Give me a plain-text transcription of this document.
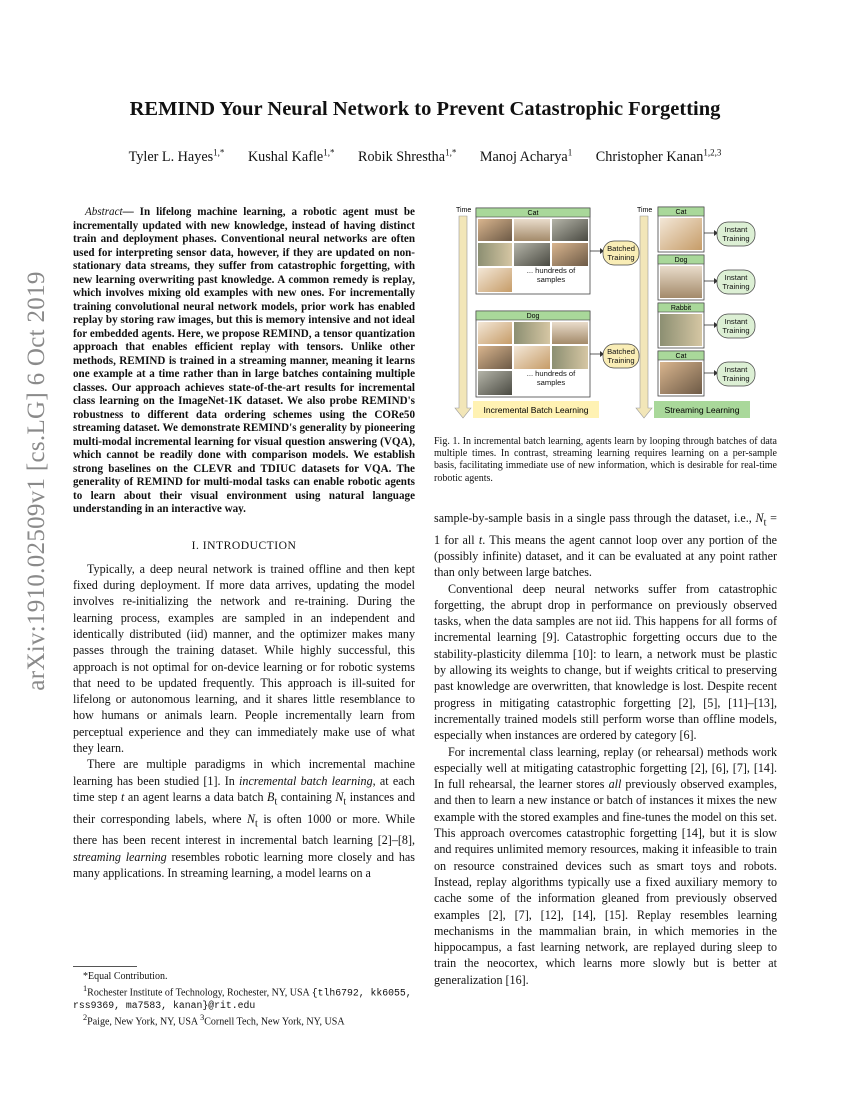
arXiv:1910.02509v1 [cs.LG] 6 Oct 2019
REMIND Your Neural Network to Prevent Catastrophic Forgetting
Tyler L. Hayes$^{1,*}$ Kushal Kafle$^{1,*}$ Robik Shrestha$^{1,*}$ Manoj Acharya$^1$ Christopher Kanan$^{1,2,3}$

Abstract— In lifelong machine learning, a robotic agent must be incrementally updated with new knowledge, instead of having distinct train and deployment phases. Conventional neural networks are often used for interpreting sensor data, however, if they are updated on non-stationary data streams, they suffer from catastrophic forgetting, with new learning overwriting past knowledge. A common remedy is replay, which involves mixing old examples with new ones. For incrementally training convolutional neural network models, prior work has enabled replay by storing raw images, but this is memory intensive and not ideal for embedded agents. Here, we propose REMIND, a tensor quantization approach that enables efficient replay with tensors. Unlike other methods, REMIND is trained in a streaming manner, meaning it learns one example at a time rather than in large batches containing multiple classes. Our approach achieves state-of-the-art results for incremental class learning on the ImageNet-1K dataset. We also probe REMIND's robustness to different data ordering schemes using the CORe50 streaming dataset. We demonstrate REMIND's generality by pioneering multi-modal incremental learning for visual question answering (VQA), which cannot be readily done with comparison models. We establish strong baselines on the CLEVR and TDIUC datasets for VQA. The generality of REMIND for multi-modal tasks can enable robotic agents to learn about their visual environment using natural language understanding in an interactive way.

I. INTRODUCTION

Typically, a deep neural network is trained offline and then kept fixed during deployment. If more data arrives, updating the model involves re-initializing the network and re-training. During the learning process, examples are sampled in an independent and identically distributed (iid) manner, and the optimizer makes many passes through the training dataset. While highly successful, this approach is not optimal for on-device learning or for robotic systems that need to be updated frequently. This approach is ill-suited for lifelong or autonomous learning, and it shares little resemblance to how humans or animals learn. People incrementally learn from perceptual experience and they can immediately make use of what they learn.

There are multiple paradigms in which incremental machine learning has been studied [1]. In incremental batch learning, at each time step t an agent learns a data batch $B_t$ containing $N_t$ instances and their corresponding labels, where $N_t$ is often 1000 or more. While there has been recent interest in incremental batch learning [2]–[8], streaming learning resembles robotic learning more closely and has many applications. In streaming learning, a model learns on a

*Equal Contribution.
$^1$Rochester Institute of Technology, Rochester, NY, USA {tlh6792, kk6055, rss9369, ma7583, kanan}@rit.edu
$^2$Paige, New York, NY, USA $^3$Cornell Tech, New York, NY, USA
Time	Cat
Dog
Incremental Batch Learning
Time	Cat
Dog
Rabbit
Cat
Streaming Learning
... hundreds of samples
... hundreds of samples
Batched Training
Batched Training
Instant Training
Instant Training
Instant Training
Instant Training
Fig. 1. In incremental batch learning, agents learn by looping through batches of data multiple times. In contrast, streaming learning requires learning on a per-sample basis, facilitating immediate use of new information, which is desirable for real-time robotic agents.

sample-by-sample basis in a single pass through the dataset, i.e., $N_t = 1$ for all t. This means the agent cannot loop over any portion of the (possibly infinite) dataset, and it can be evaluated at any point rather than only between large batches.

Conventional deep neural networks suffer from catastrophic forgetting, the abrupt drop in performance on previously observed tasks, when the data samples are not iid. This happens for all forms of incremental learning [9]. Catastrophic forgetting occurs due to the stability-plasticity dilemma [10]: to learn, a network must be plastic by allowing its weights to change, but if weights critical to preserving past knowledge are overwritten, that knowledge is lost. Despite recent progress in mitigating catastrophic forgetting [2], [5], [11]–[13], incrementally trained models still perform worse than offline models, especially when instances are ordered by category [6].

For incremental class learning, replay (or rehearsal) methods work especially well at mitigating catastrophic forgetting [2], [6], [7], [14]. In full rehearsal, the learner stores all previously observed examples, and then to learn a new instance or batch of instances it mixes the new example with the stored examples and fine-tunes the model on this set. This approach overcomes catastrophic forgetting [14], but it is slow and requires unlimited memory resources, making it infeasible to train on resource constrained devices such as smart toys and robots. Instead, replay algorithms typically use a fixed auxiliary memory to cache some of the information gleaned from previously observed examples [2], [7], [12], [14], [15]. Replay resembles learning mechanisms in the mammalian brain, in which memories in the hippocampus, a fast learning network, are replayed during sleep to train the neocortex, which learns more slowly but is better at generalization [16].
